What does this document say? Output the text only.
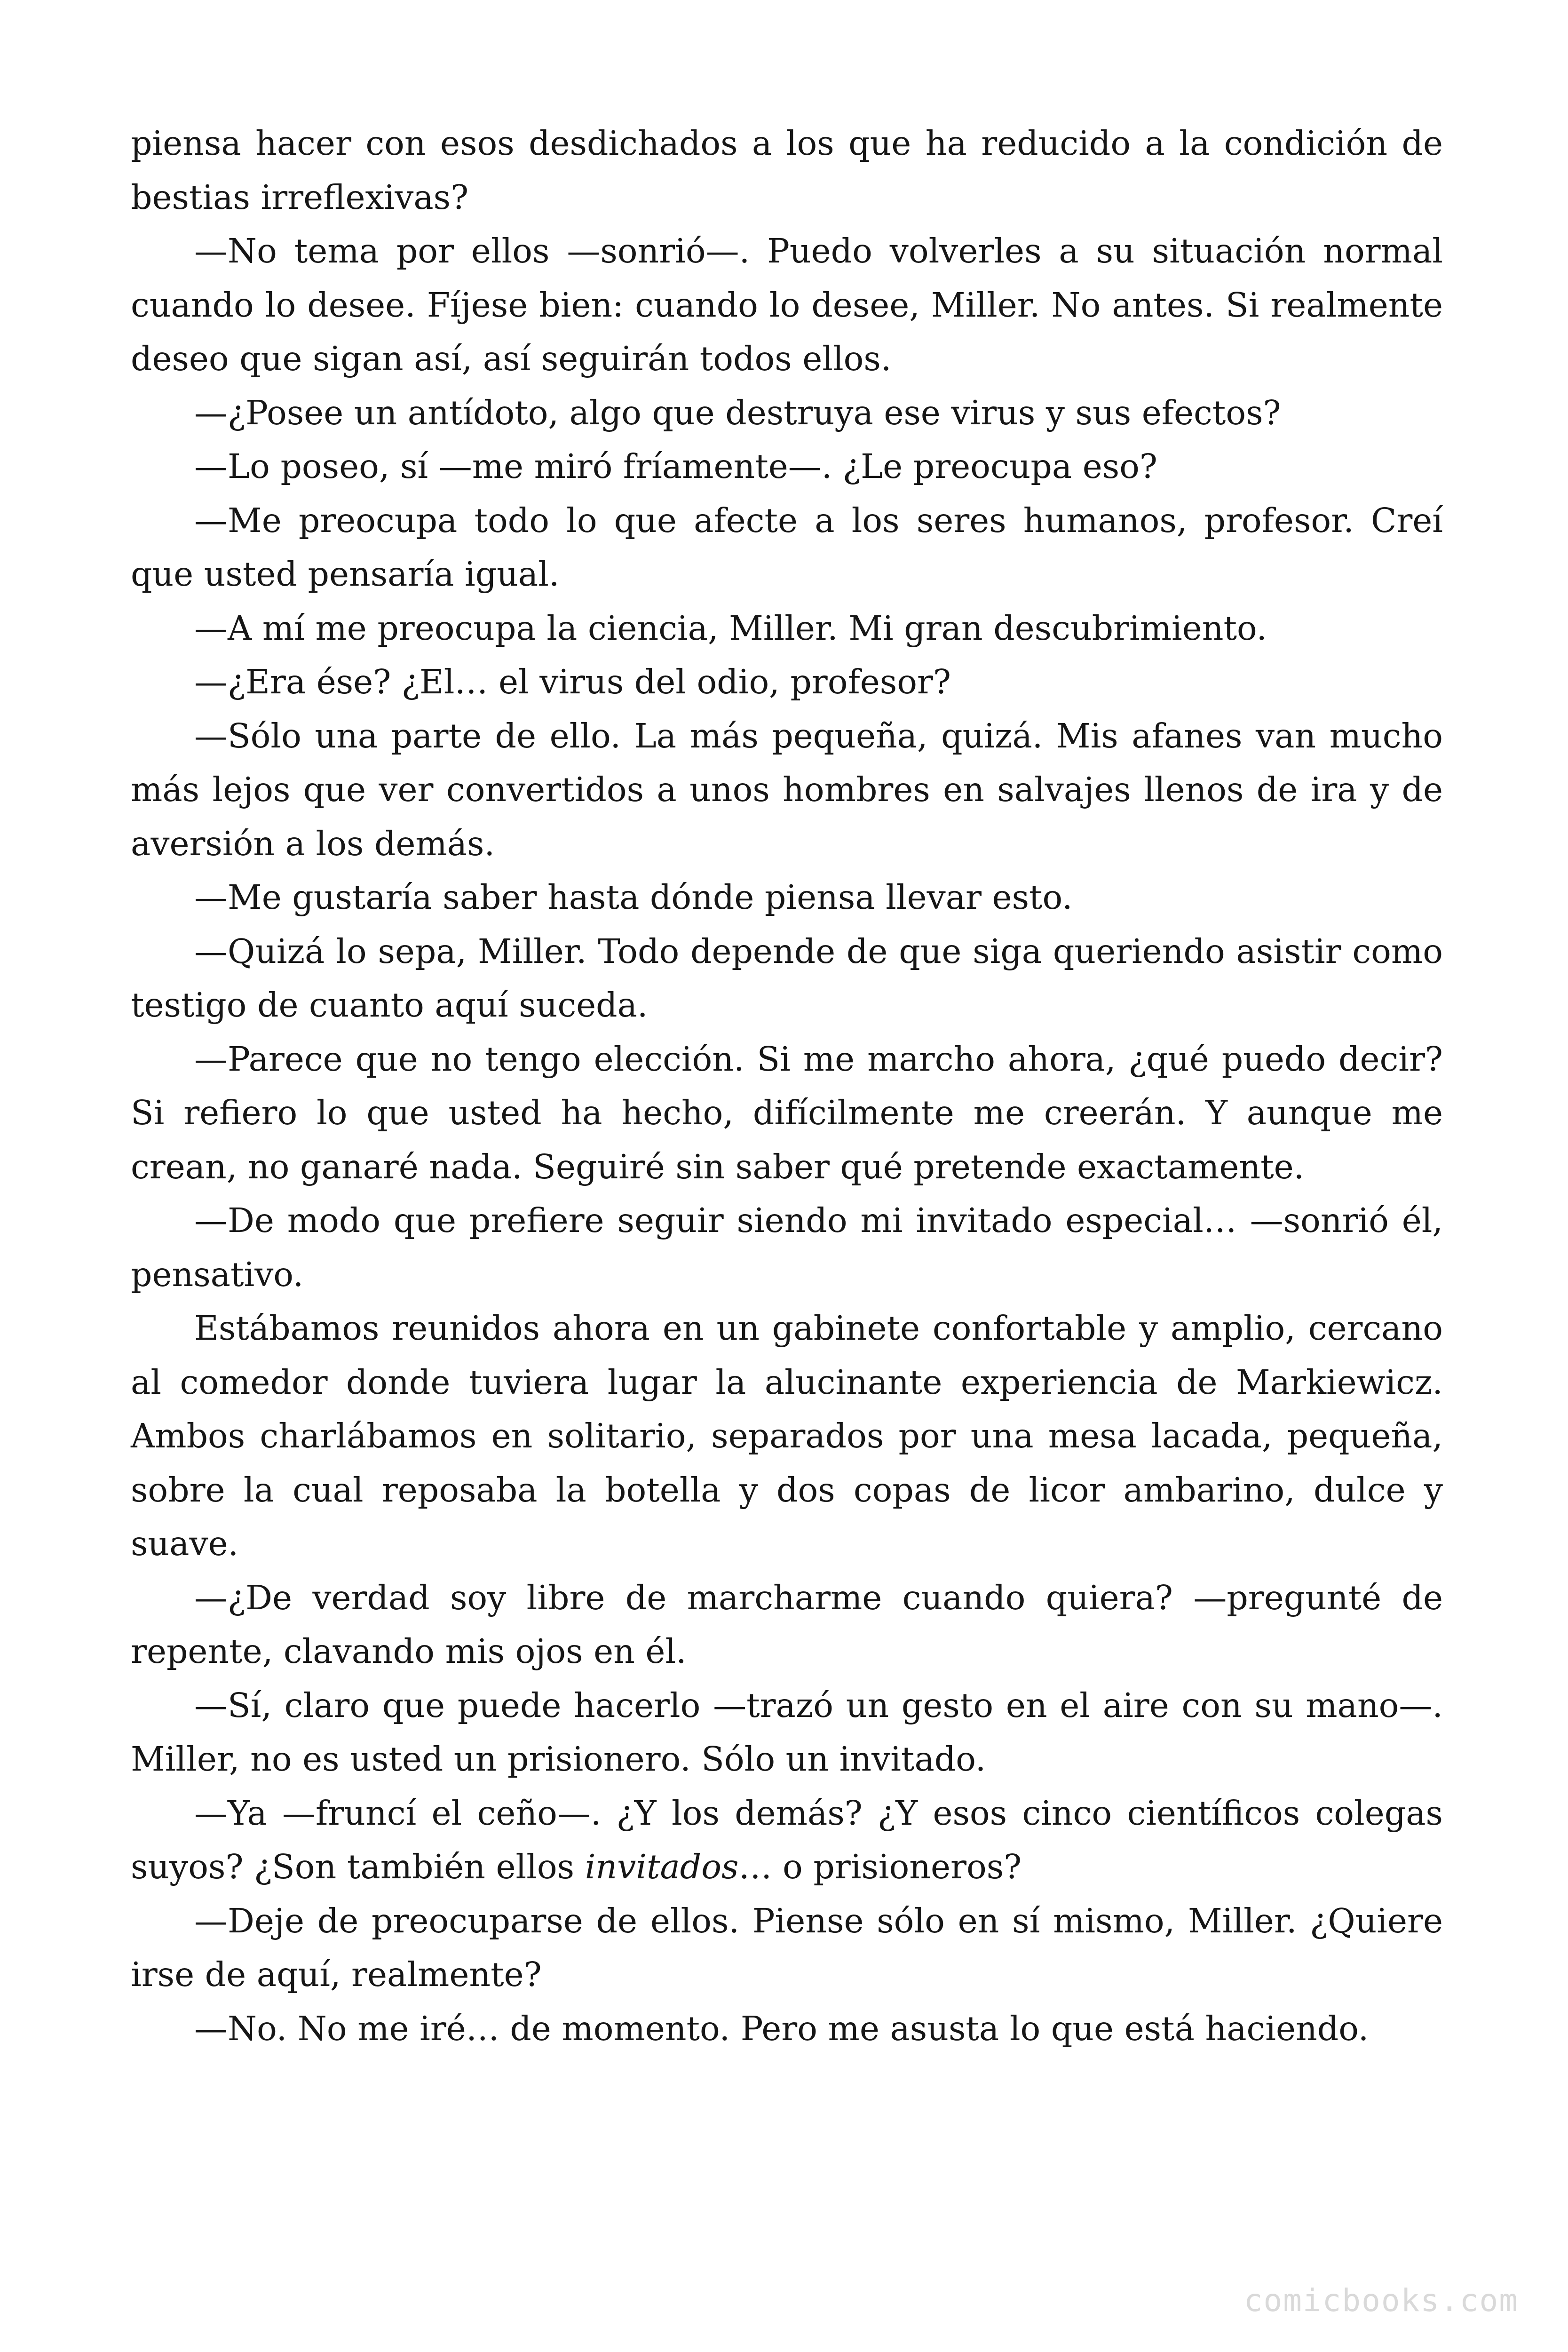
piensa hacer con esos desdichados a los que ha reducido a la condición de bestias irreflexivas?

—No tema por ellos —sonrió—. Puedo volverles a su situación normal cuando lo desee. Fíjese bien: cuando lo desee, Miller. No antes. Si realmente deseo que sigan así, así seguirán todos ellos.

—¿Posee un antídoto, algo que destruya ese virus y sus efectos?

—Lo poseo, sí —me miró fríamente—. ¿Le preocupa eso?

—Me preocupa todo lo que afecte a los seres humanos, profesor. Creí que usted pensaría igual.

—A mí me preocupa la ciencia, Miller. Mi gran descubrimiento.

—¿Era ése? ¿El… el virus del odio, profesor?

—Sólo una parte de ello. La más pequeña, quizá. Mis afanes van mucho más lejos que ver convertidos a unos hombres en salvajes llenos de ira y de aversión a los demás.

—Me gustaría saber hasta dónde piensa llevar esto.

—Quizá lo sepa, Miller. Todo depende de que siga queriendo asistir como testigo de cuanto aquí suceda.

—Parece que no tengo elección. Si me marcho ahora, ¿qué puedo decir? Si refiero lo que usted ha hecho, difícilmente me creerán. Y aunque me crean, no ganaré nada. Seguiré sin saber qué pretende exactamente.

—De modo que prefiere seguir siendo mi invitado especial… —sonrió él, pensativo.

Estábamos reunidos ahora en un gabinete confortable y amplio, cercano al comedor donde tuviera lugar la alucinante experiencia de Markiewicz. Ambos charlábamos en solitario, separados por una mesa lacada, pequeña, sobre la cual reposaba la botella y dos copas de licor ambarino, dulce y suave.

—¿De verdad soy libre de marcharme cuando quiera? —pregunté de repente, clavando mis ojos en él.

—Sí, claro que puede hacerlo —trazó un gesto en el aire con su mano—. Miller, no es usted un prisionero. Sólo un invitado.

—Ya —fruncí el ceño—. ¿Y los demás? ¿Y esos cinco científicos colegas suyos? ¿Son también ellos invitados… o prisioneros?

—Deje de preocuparse de ellos. Piense sólo en sí mismo, Miller. ¿Quiere irse de aquí, realmente?

—No. No me iré… de momento. Pero me asusta lo que está haciendo.

comicbooks.com
